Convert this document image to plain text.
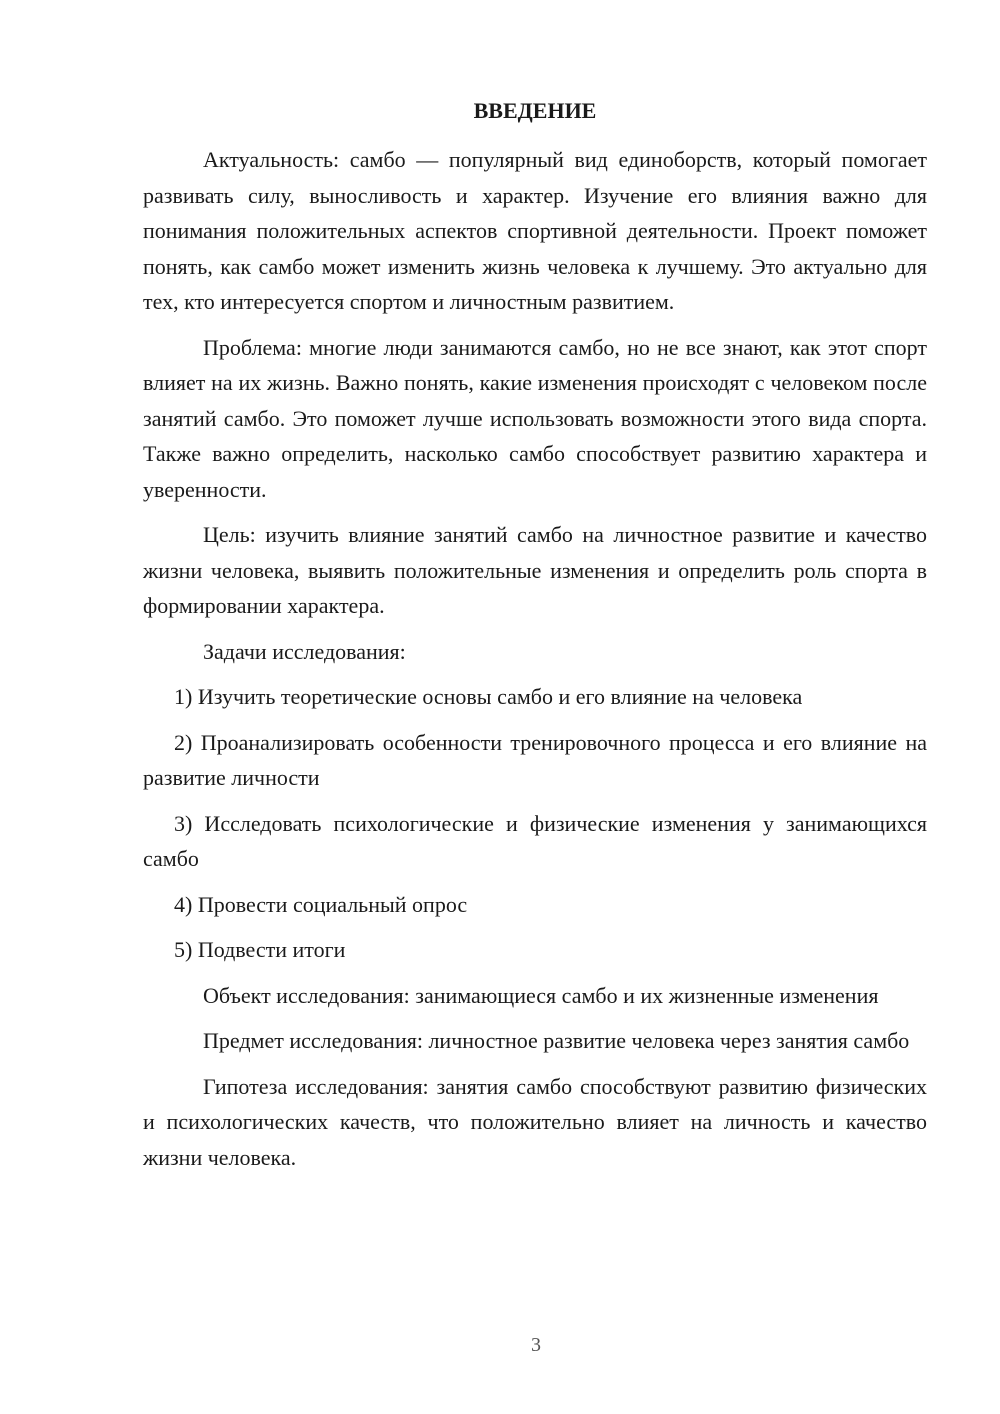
ВВЕДЕНИЕ

Актуальность: самбо — популярный вид единоборств, который помогает развивать силу, выносливость и характер. Изучение его влияния важно для понимания положительных аспектов спортивной деятельности. Проект поможет понять, как самбо может изменить жизнь человека к лучшему. Это актуально для тех, кто интересуется спортом и личностным развитием.

Проблема: многие люди занимаются самбо, но не все знают, как этот спорт влияет на их жизнь. Важно понять, какие изменения происходят с человеком после занятий самбо. Это поможет лучше использовать возможности этого вида спорта. Также важно определить, насколько самбо способствует развитию характера и уверенности.

Цель: изучить влияние занятий самбо на личностное развитие и качество жизни человека, выявить положительные изменения и определить роль спорта в формировании характера.

Задачи исследования:

1) Изучить теоретические основы самбо и его влияние на человека

2) Проанализировать особенности тренировочного процесса и его влияние на развитие личности

3) Исследовать психологические и физические изменения у занимающихся самбо

4) Провести социальный опрос

5) Подвести итоги

Объект исследования: занимающиеся самбо и их жизненные изменения

Предмет исследования: личностное развитие человека через занятия самбо

Гипотеза исследования: занятия самбо способствуют развитию физических и психологических качеств, что положительно влияет на личность и качество жизни человека.

3
